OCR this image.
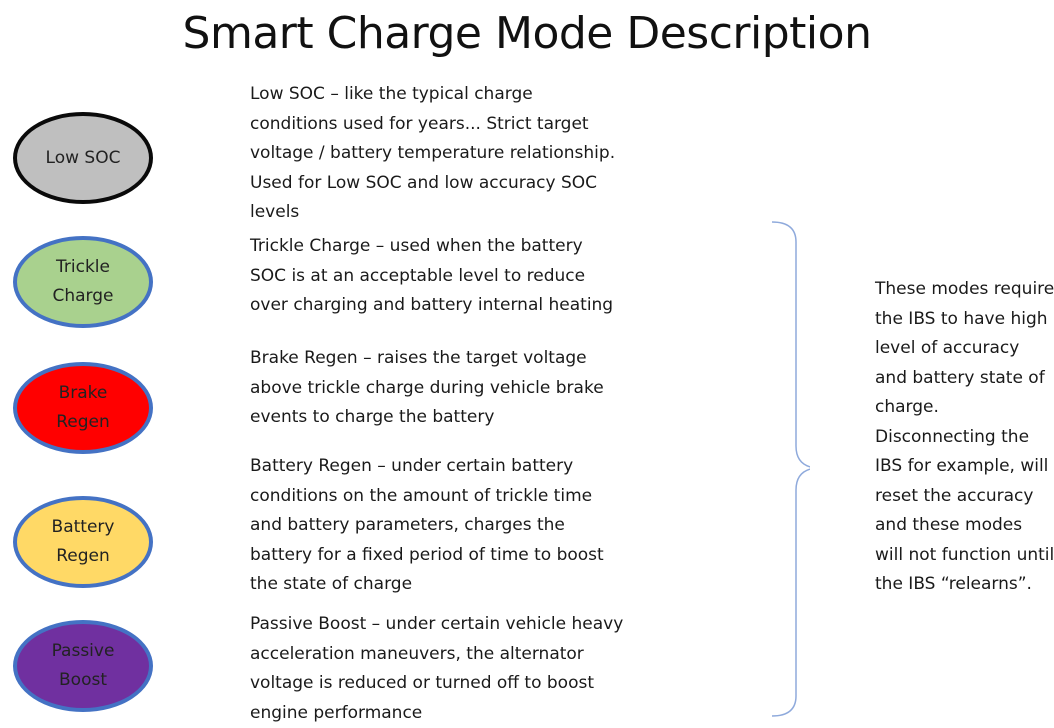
Smart Charge Mode Description
Low SOC
Trickle Charge
Brake Regen
Battery Regen
Passive Boost
Low SOC – like the typical charge conditions used for years... Strict target voltage / battery temperature relationship. Used for Low SOC and low accuracy SOC levels
Trickle Charge – used when the battery SOC is at an acceptable level to reduce over charging and battery internal heating
Brake Regen – raises the target voltage above trickle charge during vehicle brake events to charge the battery
Battery Regen – under certain battery conditions on the amount of trickle time and battery parameters, charges the battery for a fixed period of time to boost the state of charge
Passive Boost – under certain vehicle heavy acceleration maneuvers, the alternator voltage is reduced or turned off to boost engine performance
These modes require the IBS to have high level of accuracy and battery state of charge. Disconnecting the IBS for example, will reset the accuracy and these modes will not function until the IBS “relearns”.
